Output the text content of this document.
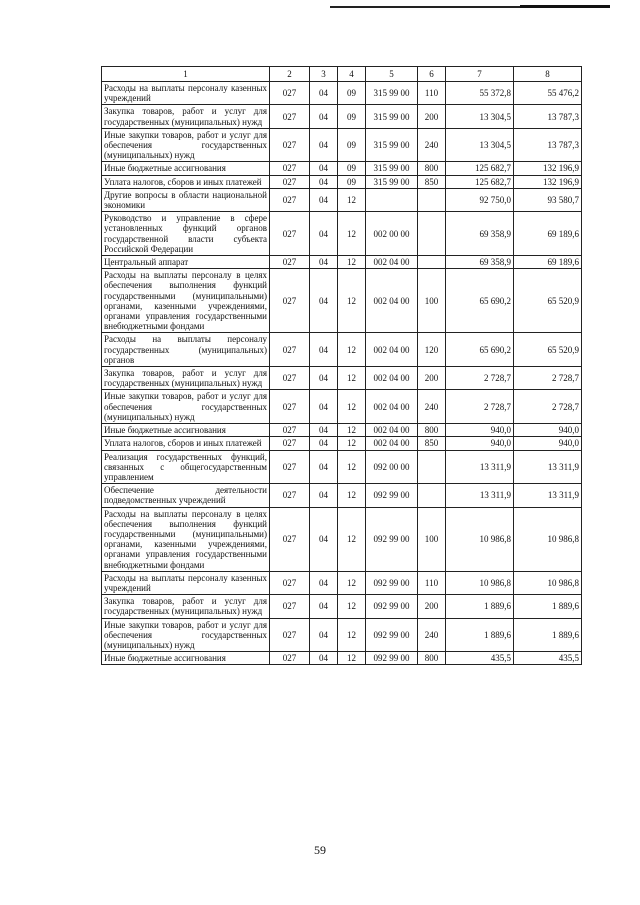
1	2	3	4	5	6	7	8
Расходы на выплаты персоналу казенных учреждений	027	04	09	315 99 00	110	55 372,8	55 476,2
Закупка товаров, работ и услуг для государственных (муниципальных) нужд	027	04	09	315 99 00	200	13 304,5	13 787,3
Иные закупки товаров, работ и услуг для обеспечения государственных (муниципальных) нужд	027	04	09	315 99 00	240	13 304,5	13 787,3
Иные бюджетные ассигнования	027	04	09	315 99 00	800	125 682,7	132 196,9
Уплата налогов, сборов и иных платежей	027	04	09	315 99 00	850	125 682,7	132 196,9
Другие вопросы в области национальной экономики	027	04	12			92 750,0	93 580,7
Руководство и управление в сфере установленных функций органов государственной власти субъекта Российской Федерации	027	04	12	002 00 00		69 358,9	69 189,6
Центральный аппарат	027	04	12	002 04 00		69 358,9	69 189,6
Расходы на выплаты персоналу в целях обеспечения выполнения функций государственными (муниципальными) органами, казенными учреждениями, органами управления государственными внебюджетными фондами	027	04	12	002 04 00	100	65 690,2	65 520,9
Расходы на выплаты персоналу государственных (муниципальных) органов	027	04	12	002 04 00	120	65 690,2	65 520,9
Закупка товаров, работ и услуг для государственных (муниципальных) нужд	027	04	12	002 04 00	200	2 728,7	2 728,7
Иные закупки товаров, работ и услуг для обеспечения государственных (муниципальных) нужд	027	04	12	002 04 00	240	2 728,7	2 728,7
Иные бюджетные ассигнования	027	04	12	002 04 00	800	940,0	940,0
Уплата налогов, сборов и иных платежей	027	04	12	002 04 00	850	940,0	940,0
Реализация государственных функций, связанных с общегосударственным управлением	027	04	12	092 00 00		13 311,9	13 311,9
Обеспечение деятельности подведомственных учреждений	027	04	12	092 99 00		13 311,9	13 311,9
Расходы на выплаты персоналу в целях обеспечения выполнения функций государственными (муниципальными) органами, казенными учреждениями, органами управления государственными внебюджетными фондами	027	04	12	092 99 00	100	10 986,8	10 986,8
Расходы на выплаты персоналу казенных учреждений	027	04	12	092 99 00	110	10 986,8	10 986,8
Закупка товаров, работ и услуг для государственных (муниципальных) нужд	027	04	12	092 99 00	200	1 889,6	1 889,6
Иные закупки товаров, работ и услуг для обеспечения государственных (муниципальных) нужд	027	04	12	092 99 00	240	1 889,6	1 889,6
Иные бюджетные ассигнования	027	04	12	092 99 00	800	435,5	435,5
59
